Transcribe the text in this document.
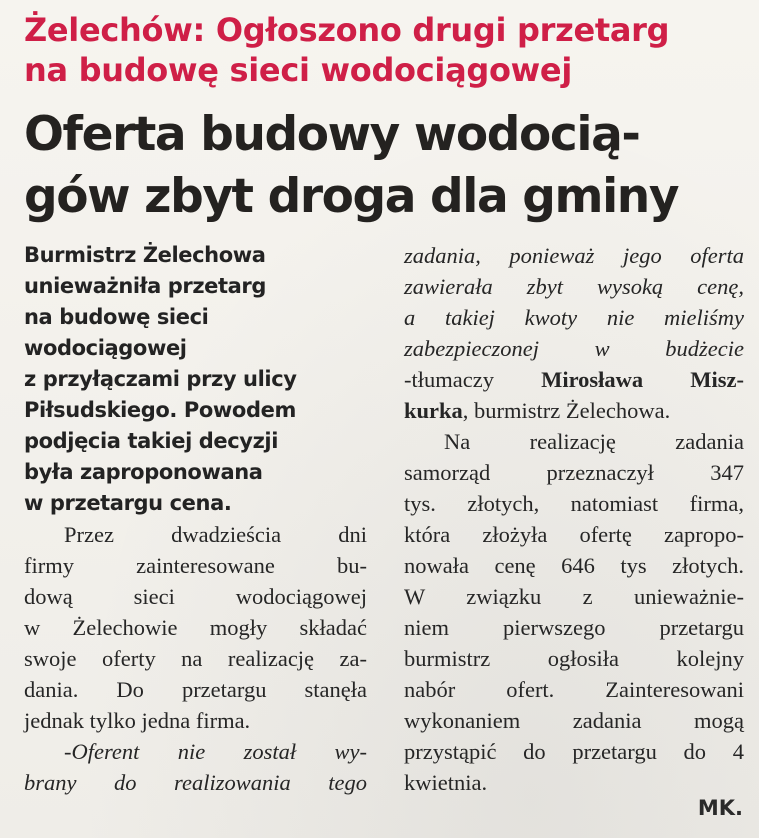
Żelechów: Ogłoszono drugi przetarg
na budowę sieci wodociągowej
Oferta budowy wodocią-
gów zbyt droga dla gminy
Burmistrz Żelechowa
unieważniła przetarg
na budowę sieci
wodociągowej
z przyłączami przy ulicy
Piłsudskiego. Powodem
podjęcia takiej decyzji
była zaproponowana
w przetargu cena.
Przez dwadzieścia dni
firmy zainteresowane bu-
dową sieci wodociągowej
w Żelechowie mogły składać
swoje oferty na realizację za-
dania. Do przetargu stanęła
jednak tylko jedna firma.
-Oferent nie został wy-
brany do realizowania tego
zadania, ponieważ jego oferta
zawierała zbyt wysoką cenę,
a takiej kwoty nie mieliśmy
zabezpieczonej w budżecie
-tłumaczy Mirosława Misz-
kurka, burmistrz Żelechowa.
Na realizację zadania
samorząd przeznaczył 347
tys. złotych, natomiast firma,
która złożyła ofertę zapropo-
nowała cenę 646 tys złotych.
W związku z unieważnie-
niem pierwszego przetargu
burmistrz ogłosiła kolejny
nabór ofert. Zainteresowani
wykonaniem zadania mogą
przystąpić do przetargu do 4
kwietnia.
MK.
